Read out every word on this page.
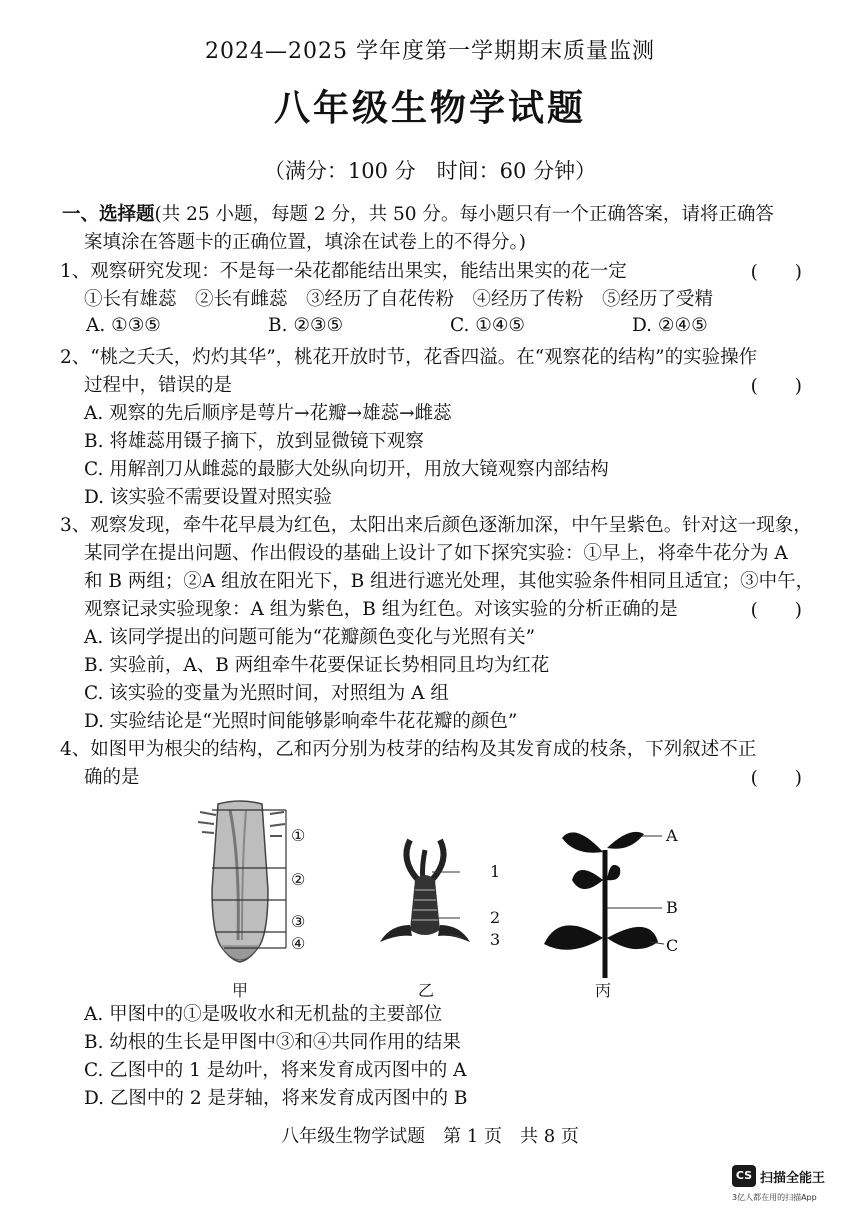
2024—2025 学年度第一学期期末质量监测
八年级生物学试题
（满分：100 分　时间：60 分钟）
一、选择题(共 25 小题，每题 2 分，共 50 分。每小题只有一个正确答案，请将正确答
案填涂在答题卡的正确位置，填涂在试卷上的不得分。)
1、观察研究发现：不是每一朵花都能结出果实，能结出果实的花一定	(　　)
①长有雄蕊　②长有雌蕊　③经历了自花传粉　④经历了传粉　⑤经历了受精
A. ①③⑤	B. ②③⑤	C. ①④⑤	D. ②④⑤
2、“桃之夭夭，灼灼其华”，桃花开放时节，花香四溢。在“观察花的结构”的实验操作
过程中，错误的是	(　　)
A. 观察的先后顺序是萼片→花瓣→雄蕊→雌蕊
B. 将雄蕊用镊子摘下，放到显微镜下观察
C. 用解剖刀从雌蕊的最膨大处纵向切开，用放大镜观察内部结构
D. 该实验不需要设置对照实验
3、观察发现，牵牛花早晨为红色，太阳出来后颜色逐渐加深，中午呈紫色。针对这一现象，
某同学在提出问题、作出假设的基础上设计了如下探究实验：①早上，将牵牛花分为 A
和 B 两组；②A 组放在阳光下，B 组进行遮光处理，其他实验条件相同且适宜；③中午，
观察记录实验现象：A 组为紫色，B 组为红色。对该实验的分析正确的是	(　　)
A. 该同学提出的问题可能为“花瓣颜色变化与光照有关”
B. 实验前，A、B 两组牵牛花要保证长势相同且均为红花
C. 该实验的变量为光照时间，对照组为 A 组
D. 实验结论是“光照时间能够影响牵牛花花瓣的颜色”
4、如图甲为根尖的结构，乙和丙分别为枝芽的结构及其发育成的枝条，下列叙述不正
确的是	(　　)
①
②
③
④
甲
1
2
3
乙
A
B
C
丙
A. 甲图中的①是吸收水和无机盐的主要部位
B. 幼根的生长是甲图中③和④共同作用的结果
C. 乙图中的 1 是幼叶，将来发育成丙图中的 A
D. 乙图中的 2 是芽轴，将来发育成丙图中的 B
八年级生物学试题　第 1 页　共 8 页
CS 扫描全能王
3亿人都在用的扫描App
